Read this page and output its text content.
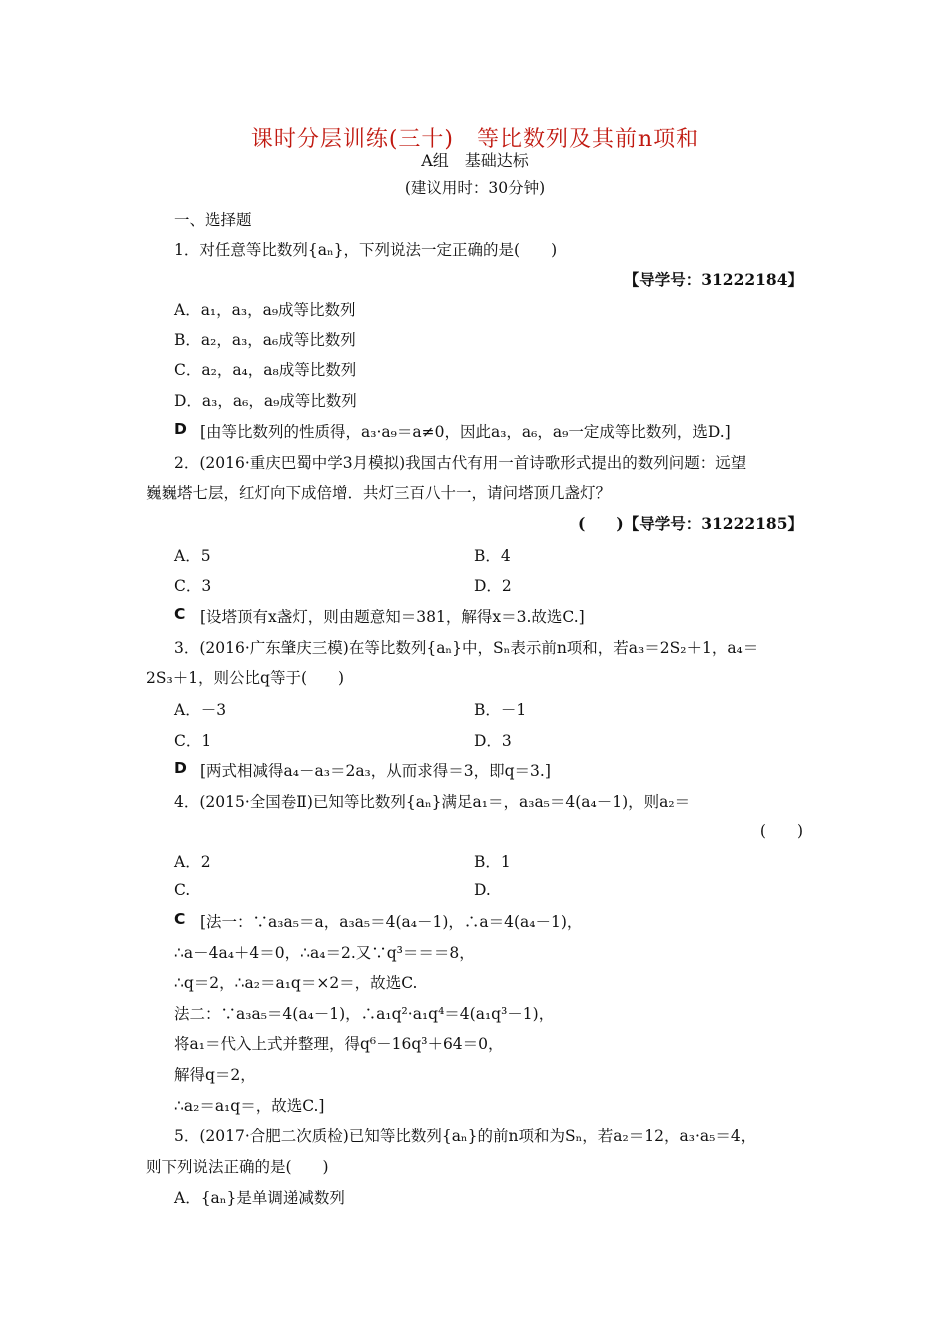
课时分层训练(三十)　等比数列及其前n项和
A组　基础达标
(建议用时：30分钟)
一、选择题
1．对任意等比数列{aₙ}，下列说法一定正确的是(　　)
【导学号：31222184】
A．a₁，a₃，a₉成等比数列
B．a₂，a₃，a₆成等比数列
C．a₂，a₄，a₈成等比数列
D．a₃，a₆，a₉成等比数列
D [由等比数列的性质得，a₃·a₉＝a≠0，因此a₃，a₆，a₉一定成等比数列，选D.]
2．(2016·重庆巴蜀中学3月模拟)我国古代有用一首诗歌形式提出的数列问题：远望
巍巍塔七层，红灯向下成倍增．共灯三百八十一，请问塔顶几盏灯？
(　　)【导学号：31222185】
A．5	B．4
C．3	D．2
C [设塔顶有x盏灯，则由题意知＝381，解得x＝3.故选C.]
3．(2016·广东肇庆三模)在等比数列{aₙ}中，Sₙ表示前n项和，若a₃＝2S₂＋1，a₄＝
2S₃＋1，则公比q等于(　　)
A．－3	B．－1
C．1	D．3
D [两式相减得a₄－a₃＝2a₃，从而求得＝3，即q＝3.]
4．(2015·全国卷Ⅱ)已知等比数列{aₙ}满足a₁＝，a₃a₅＝4(a₄－1)，则a₂＝
(　　)
A．2	B．1
C.	D.
C [法一：∵a₃a₅＝a，a₃a₅＝4(a₄－1)，∴a＝4(a₄－1)，
∴a－4a₄＋4＝0，∴a₄＝2.又∵q³＝＝＝8，
∴q＝2，∴a₂＝a₁q＝×2＝，故选C.
法二：∵a₃a₅＝4(a₄－1)，∴a₁q²·a₁q⁴＝4(a₁q³－1)，
将a₁＝代入上式并整理，得q⁶－16q³＋64＝0，
解得q＝2，
∴a₂＝a₁q＝，故选C.]
5．(2017·合肥二次质检)已知等比数列{aₙ}的前n项和为Sₙ，若a₂＝12，a₃·a₅＝4，
则下列说法正确的是(　　)
A．{aₙ}是单调递减数列
